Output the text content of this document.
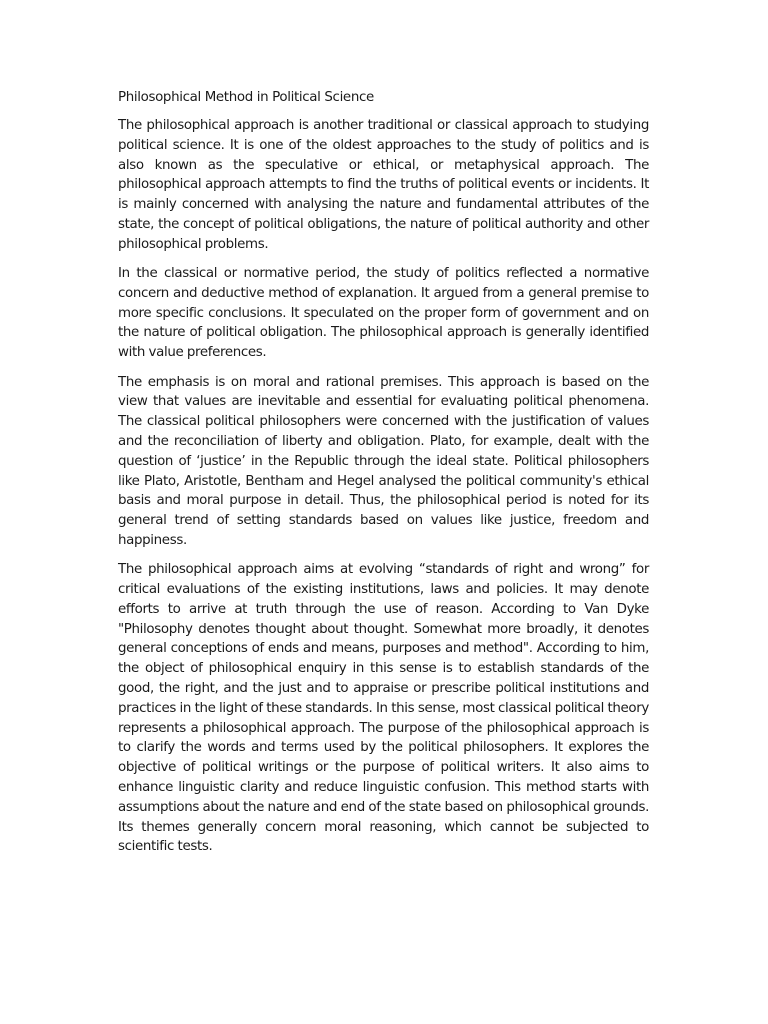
Philosophical Method in Political Science

The philosophical approach is another traditional or classical approach to studying political science. It is one of the oldest approaches to the study of politics and is also known as the speculative or ethical, or metaphysical approach. The philosophical approach attempts to find the truths of political events or incidents. It is mainly concerned with analysing the nature and fundamental attributes of the state, the concept of political obligations, the nature of political authority and other philosophical problems.

In the classical or normative period, the study of politics reflected a normative concern and deductive method of explanation. It argued from a general premise to more specific conclusions. It speculated on the proper form of government and on the nature of political obligation. The philosophical approach is generally identified with value preferences.

The emphasis is on moral and rational premises. This approach is based on the view that values are inevitable and essential for evaluating political phenomena. The classical political philosophers were concerned with the justification of values and the reconciliation of liberty and obligation. Plato, for example, dealt with the question of ‘justice’ in the Republic through the ideal state. Political philosophers like Plato, Aristotle, Bentham and Hegel analysed the political community's ethical basis and moral purpose in detail. Thus, the philosophical period is noted for its general trend of setting standards based on values like justice, freedom and happiness.

The philosophical approach aims at evolving “standards of right and wrong” for critical evaluations of the existing institutions, laws and policies. It may denote efforts to arrive at truth through the use of reason. According to Van Dyke "Philosophy denotes thought about thought. Somewhat more broadly, it denotes general conceptions of ends and means, purposes and method". According to him, the object of philosophical enquiry in this sense is to establish standards of the good, the right, and the just and to appraise or prescribe political institutions and practices in the light of these standards. In this sense, most classical political theory represents a philosophical approach. The purpose of the philosophical approach is to clarify the words and terms used by the political philosophers. It explores the objective of political writings or the purpose of political writers. It also aims to enhance linguistic clarity and reduce linguistic confusion. This method starts with assumptions about the nature and end of the state based on philosophical grounds. Its themes generally concern moral reasoning, which cannot be subjected to scientific tests.
